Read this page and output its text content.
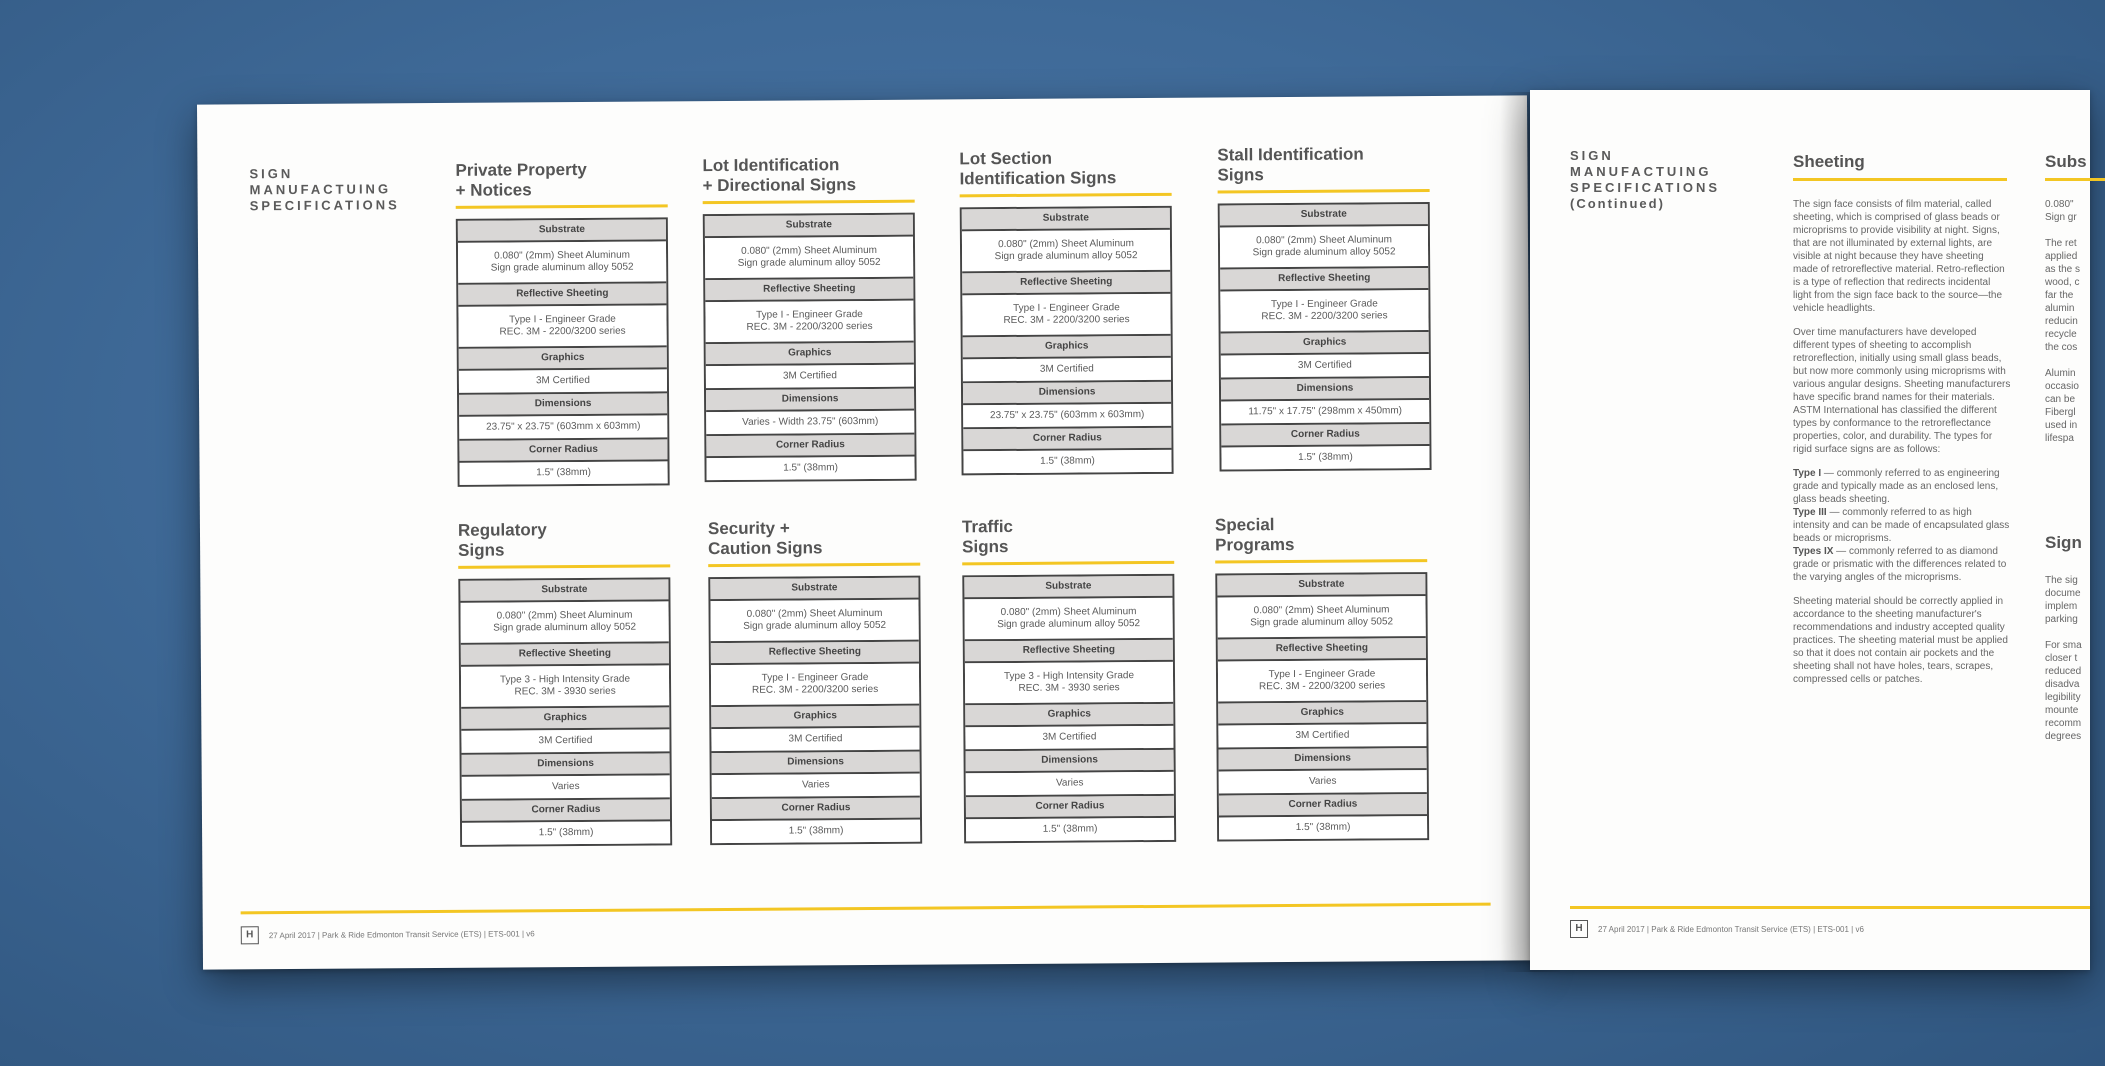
SIGN
MANUFACTUING
SPECIFICATIONS
Private Property
+ Notices
Substrate
0.080" (2mm) Sheet Aluminum
Sign grade aluminum alloy 5052
Reflective Sheeting
Type I - Engineer Grade
REC. 3M - 2200/3200 series
Graphics
3M Certified
Dimensions
23.75" x 23.75" (603mm x 603mm)
Corner Radius
1.5" (38mm)
Lot Identification
+ Directional Signs
Substrate
0.080" (2mm) Sheet Aluminum
Sign grade aluminum alloy 5052
Reflective Sheeting
Type I - Engineer Grade
REC. 3M - 2200/3200 series
Graphics
3M Certified
Dimensions
Varies - Width 23.75" (603mm)
Corner Radius
1.5" (38mm)
Lot Section
Identification Signs
Substrate
0.080" (2mm) Sheet Aluminum
Sign grade aluminum alloy 5052
Reflective Sheeting
Type I - Engineer Grade
REC. 3M - 2200/3200 series
Graphics
3M Certified
Dimensions
23.75" x 23.75" (603mm x 603mm)
Corner Radius
1.5" (38mm)
Stall Identification
Signs
Substrate
0.080" (2mm) Sheet Aluminum
Sign grade aluminum alloy 5052
Reflective Sheeting
Type I - Engineer Grade
REC. 3M - 2200/3200 series
Graphics
3M Certified
Dimensions
11.75" x 17.75" (298mm x 450mm)
Corner Radius
1.5" (38mm)
Regulatory
Signs
Substrate
0.080" (2mm) Sheet Aluminum
Sign grade aluminum alloy 5052
Reflective Sheeting
Type 3 - High Intensity Grade
REC. 3M - 3930 series
Graphics
3M Certified
Dimensions
Varies
Corner Radius
1.5" (38mm)
Security +
Caution Signs
Substrate
0.080" (2mm) Sheet Aluminum
Sign grade aluminum alloy 5052
Reflective Sheeting
Type I - Engineer Grade
REC. 3M - 2200/3200 series
Graphics
3M Certified
Dimensions
Varies
Corner Radius
1.5" (38mm)
Traffic
Signs
Substrate
0.080" (2mm) Sheet Aluminum
Sign grade aluminum alloy 5052
Reflective Sheeting
Type 3 - High Intensity Grade
REC. 3M - 3930 series
Graphics
3M Certified
Dimensions
Varies
Corner Radius
1.5" (38mm)
Special
Programs
Substrate
0.080" (2mm) Sheet Aluminum
Sign grade aluminum alloy 5052
Reflective Sheeting
Type I - Engineer Grade
REC. 3M - 2200/3200 series
Graphics
3M Certified
Dimensions
Varies
Corner Radius
1.5" (38mm)
H	27 April 2017 | Park & Ride Edmonton Transit Service (ETS) | ETS-001 | v6
SIGN
MANUFACTUING
SPECIFICATIONS
(Continued)
Sheeting

The sign face consists of film material, called sheeting, which is comprised of glass beads or microprisms to provide visibility at night. Signs, that are not illuminated by external lights, are visible at night because they have sheeting made of retroreflective material. Retro-reflection is a type of reflection that redirects incidental light from the sign face back to the source—the vehicle headlights.

Over time manufacturers have developed different types of sheeting to accomplish retroreflection, initially using small glass beads, but now more commonly using microprisms with various angular designs. Sheeting manufacturers have specific brand names for their materials. ASTM International has classified the different types by conformance to the retroreflectance properties, color, and durability. The types for rigid surface signs are as follows:

Type I — commonly referred to as engineering grade and typically made as an enclosed lens, glass beads sheeting.
Type III — commonly referred to as high intensity and can be made of encapsulated glass beads or microprisms.
Types IX — commonly referred to as diamond grade or prismatic with the differences related to the varying angles of the microprisms.

Sheeting material should be correctly applied in accordance to the sheeting manufacturer's recommendations and industry accepted quality practices. The sheeting material must be applied so that it does not contain air pockets and the sheeting shall not have holes, tears, scrapes, compressed cells or patches.

Subs
0.080"
Sign gr
The ret
applied
as the s
wood, c
far the
alumin
reducin
recycle
the cos
Alumin
occasio
can be
Fibergl
used in
lifespa
Sign
The sig
docume
implem
parking
For sma
closer t
reduced
disadva
legibility
mounte
recomm
degrees
H	27 April 2017 | Park & Ride Edmonton Transit Service (ETS) | ETS-001 | v6
